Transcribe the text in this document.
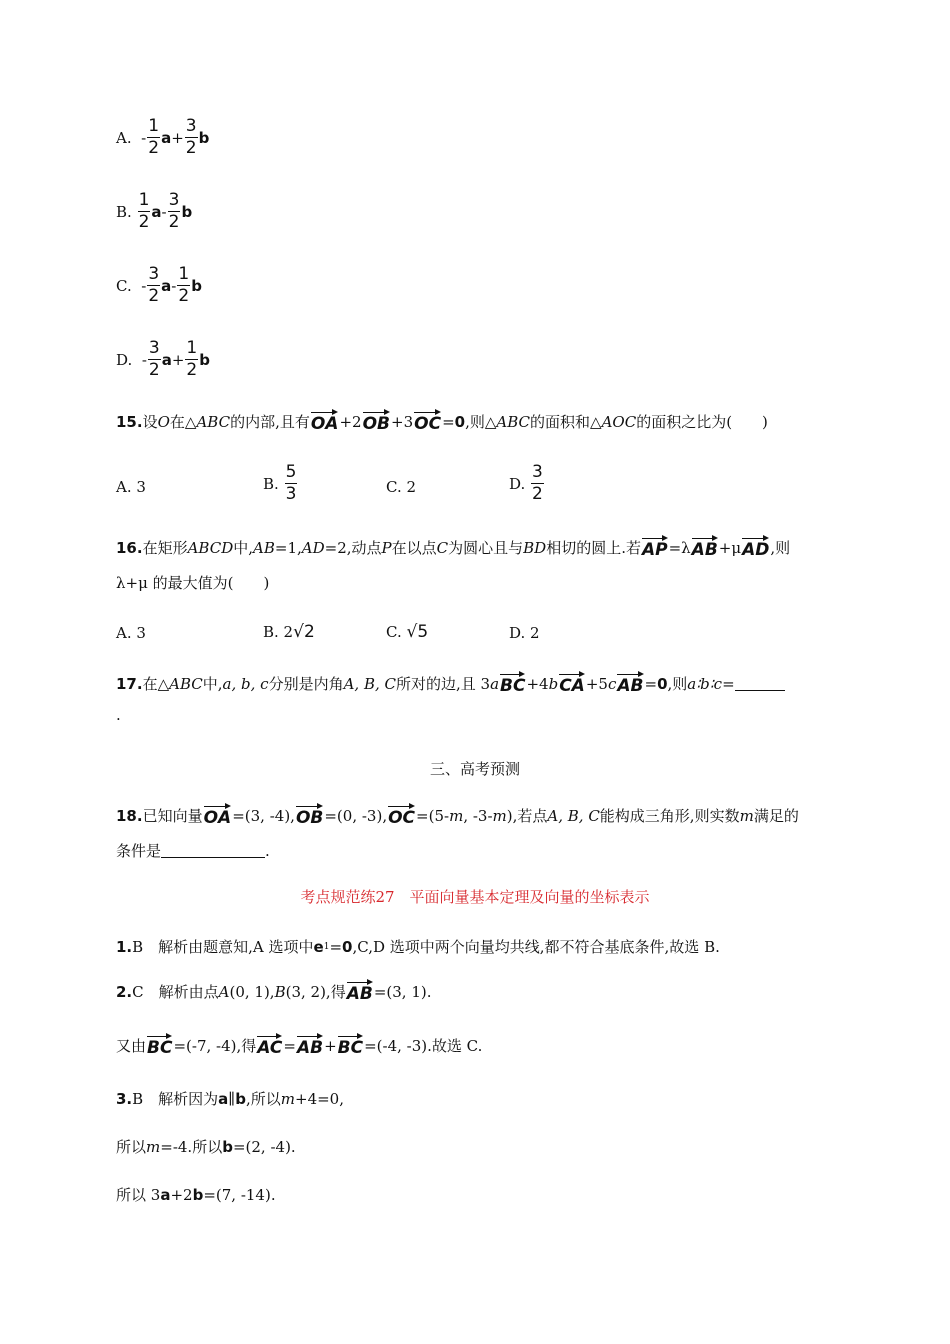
A.
- $\frac{1}{2}$ $a + \frac{3}{2}$ b
B.
$\frac{1}{2}$ a - $\frac{3}{2}$ b
C.
- $\frac{3}{2}$ a - $\frac{1}{2}$ b
D.
- $\frac{3}{2}$ $a + \frac{1}{2}$ b
15. 设 O 在△ ABC 的内部,且有 OA +2 OB +3 OC = 0 ,则△ ABC 的面积和△ AOC 的面积之比为(　　)
A. 3	B.
$\frac{5}{3}$	C. 2	D.
$\frac{3}{2}$
16. 在矩形 ABCD 中, AB =1, AD =2,动点 P 在以点 C 为圆心且与 BD 相切的圆上.若 AP =λ AB +μ AD ,则
λ+μ 的最大值为(　　)
A. 3	B. 2√2	C. √5	D. 2
17. 在△ ABC 中, a, b, c 分别是内角 A, B, C 所对的边,且 3 a BC +4 b CA +5 c AB = 0 ,则 a∶b∶c =
.
三、高考预测
18. 已知向量 OA =(3, -4), OB =(0, -3), OC =(5- m , -3- m ),若点 A, B, C 能构成三角形,则实数 m 满足的
条件是	.
考点规范练27　平面向量基本定理及向量的坐标表示
1. B　解析由题意知,A 选项中 e 1 = 0 ,C,D 选项中两个向量均共线,都不符合基底条件,故选 B.
2. C　解析由点 A (0, 1), B (3, 2),得 AB =(3, 1).
又由 BC =(-7, -4),得 AC = AB + BC =(-4, -3).故选 C.
3. B　解析因为 a ∥ b ,所以 m +4=0,
所以 m =-4.所以 b =(2, -4).
所以 3 a +2 b =(7, -14).
